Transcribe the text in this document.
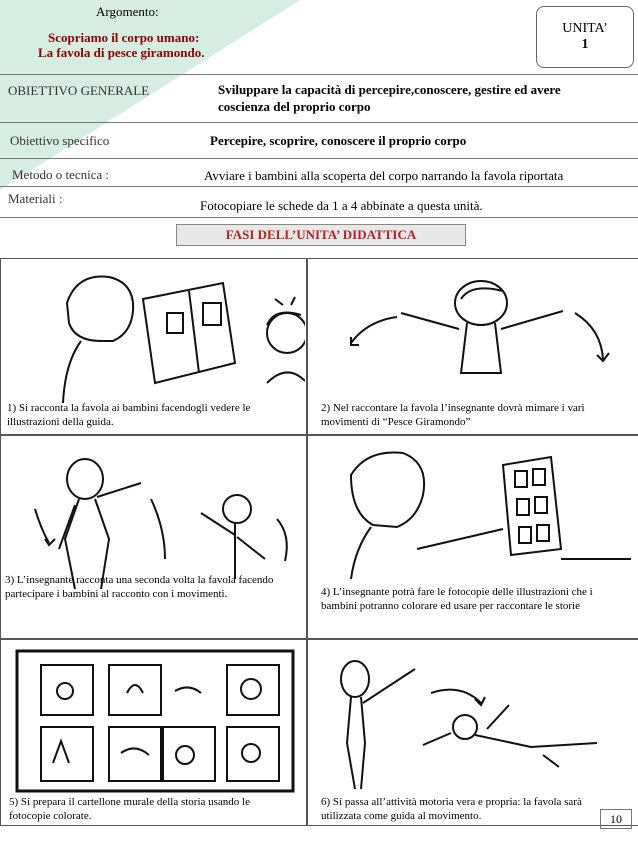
Argomento:
Scopriamo il corpo umano:
La favola di pesce giramondo.
UNITA’
1
OBIETTIVO GENERALE	Sviluppare la capacità di percepire,conoscere, gestire ed avere coscienza del proprio corpo
Obiettivo specifico	Percepire, scoprire, conoscere il proprio corpo
Metodo o tecnica :	Avviare i bambini alla scoperta del corpo narrando la favola riportata
Materiali :	Fotocopiare le schede da 1 a 4 abbinate a questa unità.
FASI DELL’UNITA’ DIDATTICA
1) Si racconta la favola ai bambini facendogli vedere le illustrazioni della guida.
2) Nel raccontare la favola l’insegnante dovrà mimare i vari movimenti di “Pesce Giramondo”
3) L’insegnante racconta una seconda volta la favola facendo partecipare i bambini al racconto con i movimenti.	4) L’insegnante potrà fare le fotocopie delle illustrazioni che i bambini potranno colorare ed usare per raccontare le storie
5) Si prepara il cartellone murale della storia usando le fotocopie colorate.
6) Si passa all’attività motoria vera e propria: la favola sarà utilizzata come guida al movimento.	10
